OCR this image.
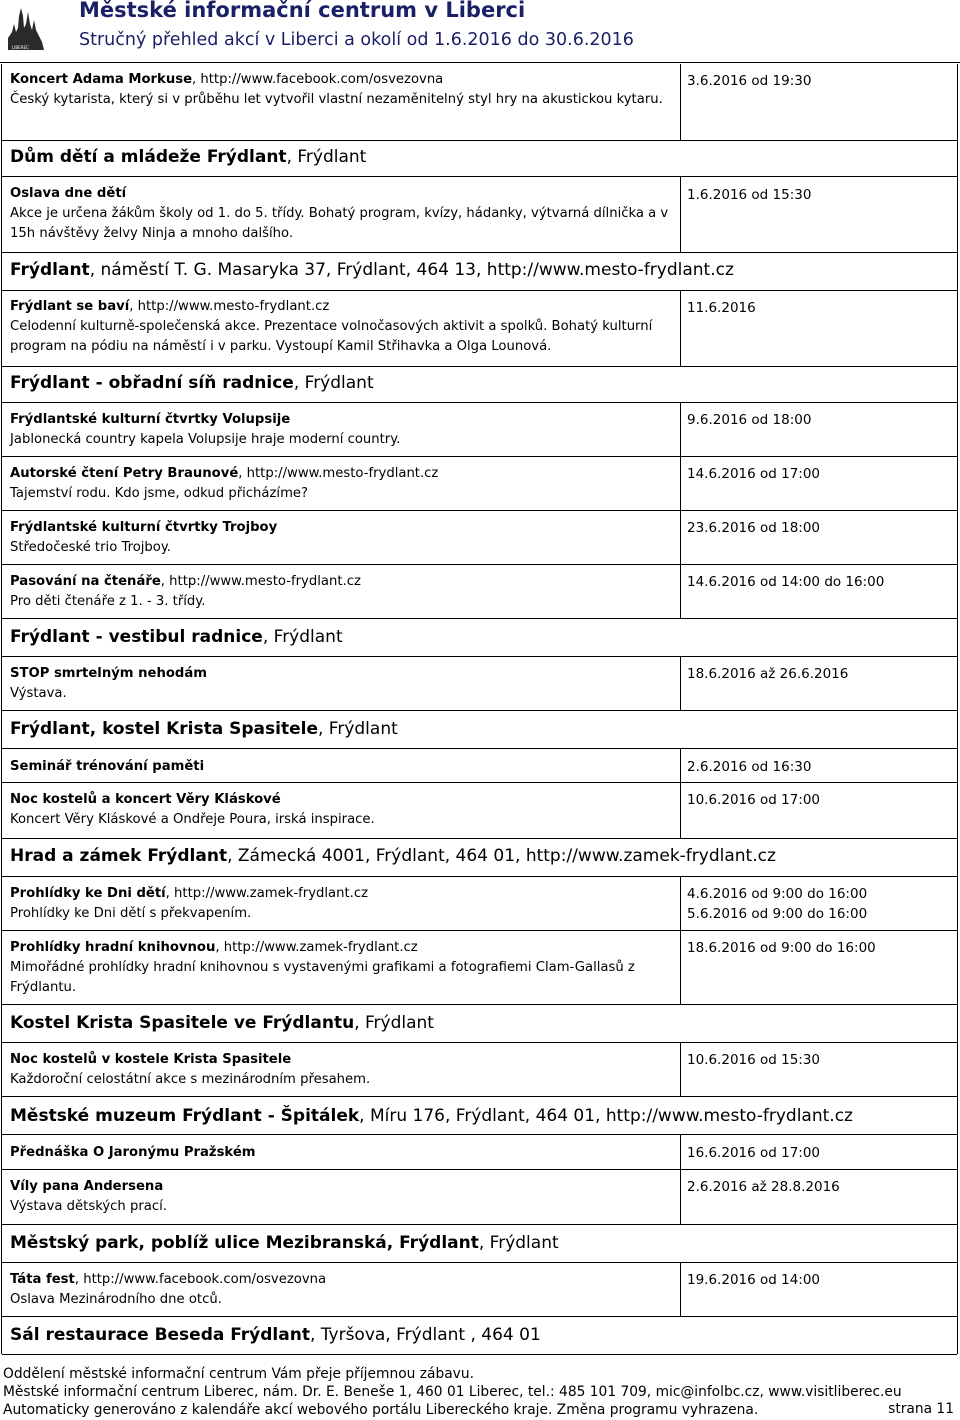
LIBEREC
Městské informační centrum v Liberci
Stručný přehled akcí v Liberci a okolí od 1.6.2016 do 30.6.2016
Koncert Adama Morkuse, http://www.facebook.com/osvezovna
Český kytarista, který si v průběhu let vytvořil vlastní nezaměnitelný styl hry na akustickou kytaru.
3.6.2016 od 19:30
Dům dětí a mládeže Frýdlant, Frýdlant
Oslava dne dětí
Akce je určena žákům školy od 1. do 5. třídy. Bohatý program, kvízy, hádanky, výtvarná dílnička a v 15h návštěvy želvy Ninja a mnoho dalšího.
1.6.2016 od 15:30
Frýdlant, náměstí T. G. Masaryka 37, Frýdlant, 464 13, http://www.mesto-frydlant.cz
Frýdlant se baví, http://www.mesto-frydlant.cz
Celodenní kulturně-společenská akce. Prezentace volnočasových aktivit a spolků. Bohatý kulturní program na pódiu na náměstí i v parku. Vystoupí Kamil Střihavka a Olga Lounová.
11.6.2016
Frýdlant - obřadní síň radnice, Frýdlant
Frýdlantské kulturní čtvrtky Volupsije
Jablonecká country kapela Volupsije hraje moderní country.
9.6.2016 od 18:00
Autorské čtení Petry Braunové, http://www.mesto-frydlant.cz
Tajemství rodu. Kdo jsme, odkud přicházíme?
14.6.2016 od 17:00
Frýdlantské kulturní čtvrtky Trojboy
Středočeské trio Trojboy.
23.6.2016 od 18:00
Pasování na čtenáře, http://www.mesto-frydlant.cz
Pro děti čtenáře z 1. - 3. třídy.
14.6.2016 od 14:00 do 16:00
Frýdlant - vestibul radnice, Frýdlant
STOP smrtelným nehodám
Výstava.
18.6.2016 až 26.6.2016
Frýdlant, kostel Krista Spasitele, Frýdlant
Seminář trénování paměti	2.6.2016 od 16:30
Noc kostelů a koncert Věry Kláskové
Koncert Věry Kláskové a Ondřeje Poura, irská inspirace.
10.6.2016 od 17:00
Hrad a zámek Frýdlant, Zámecká 4001, Frýdlant, 464 01, http://www.zamek-frydlant.cz
Prohlídky ke Dni dětí, http://www.zamek-frydlant.cz
Prohlídky ke Dni dětí s překvapením.
4.6.2016 od 9:00 do 16:00
5.6.2016 od 9:00 do 16:00
Prohlídky hradní knihovnou, http://www.zamek-frydlant.cz
Mimořádné prohlídky hradní knihovnou s vystavenými grafikami a fotografiemi Clam-Gallasů z Frýdlantu.
18.6.2016 od 9:00 do 16:00
Kostel Krista Spasitele ve Frýdlantu, Frýdlant
Noc kostelů v kostele Krista Spasitele
Každoroční celostátní akce s mezinárodním přesahem.
10.6.2016 od 15:30
Městské muzeum Frýdlant - Špitálek, Míru 176, Frýdlant, 464 01, http://www.mesto-frydlant.cz
Přednáška O Jaronýmu Pražském	16.6.2016 od 17:00
Víly pana Andersena
Výstava dětských prací.
2.6.2016 až 28.8.2016
Městský park, poblíž ulice Mezibranská, Frýdlant, Frýdlant
Táta fest, http://www.facebook.com/osvezovna
Oslava Mezinárodního dne otců.
19.6.2016 od 14:00
Sál restaurace Beseda Frýdlant, Tyršova, Frýdlant , 464 01
Oddělení městské informační centrum Vám přeje příjemnou zábavu.
Městské informační centrum Liberec, nám. Dr. E. Beneše 1, 460 01 Liberec, tel.: 485 101 709, mic@infolbc.cz, www.visitliberec.eu
Automaticky generováno z kalendáře akcí webového portálu Libereckého kraje. Změna programu vyhrazena.	strana 11
